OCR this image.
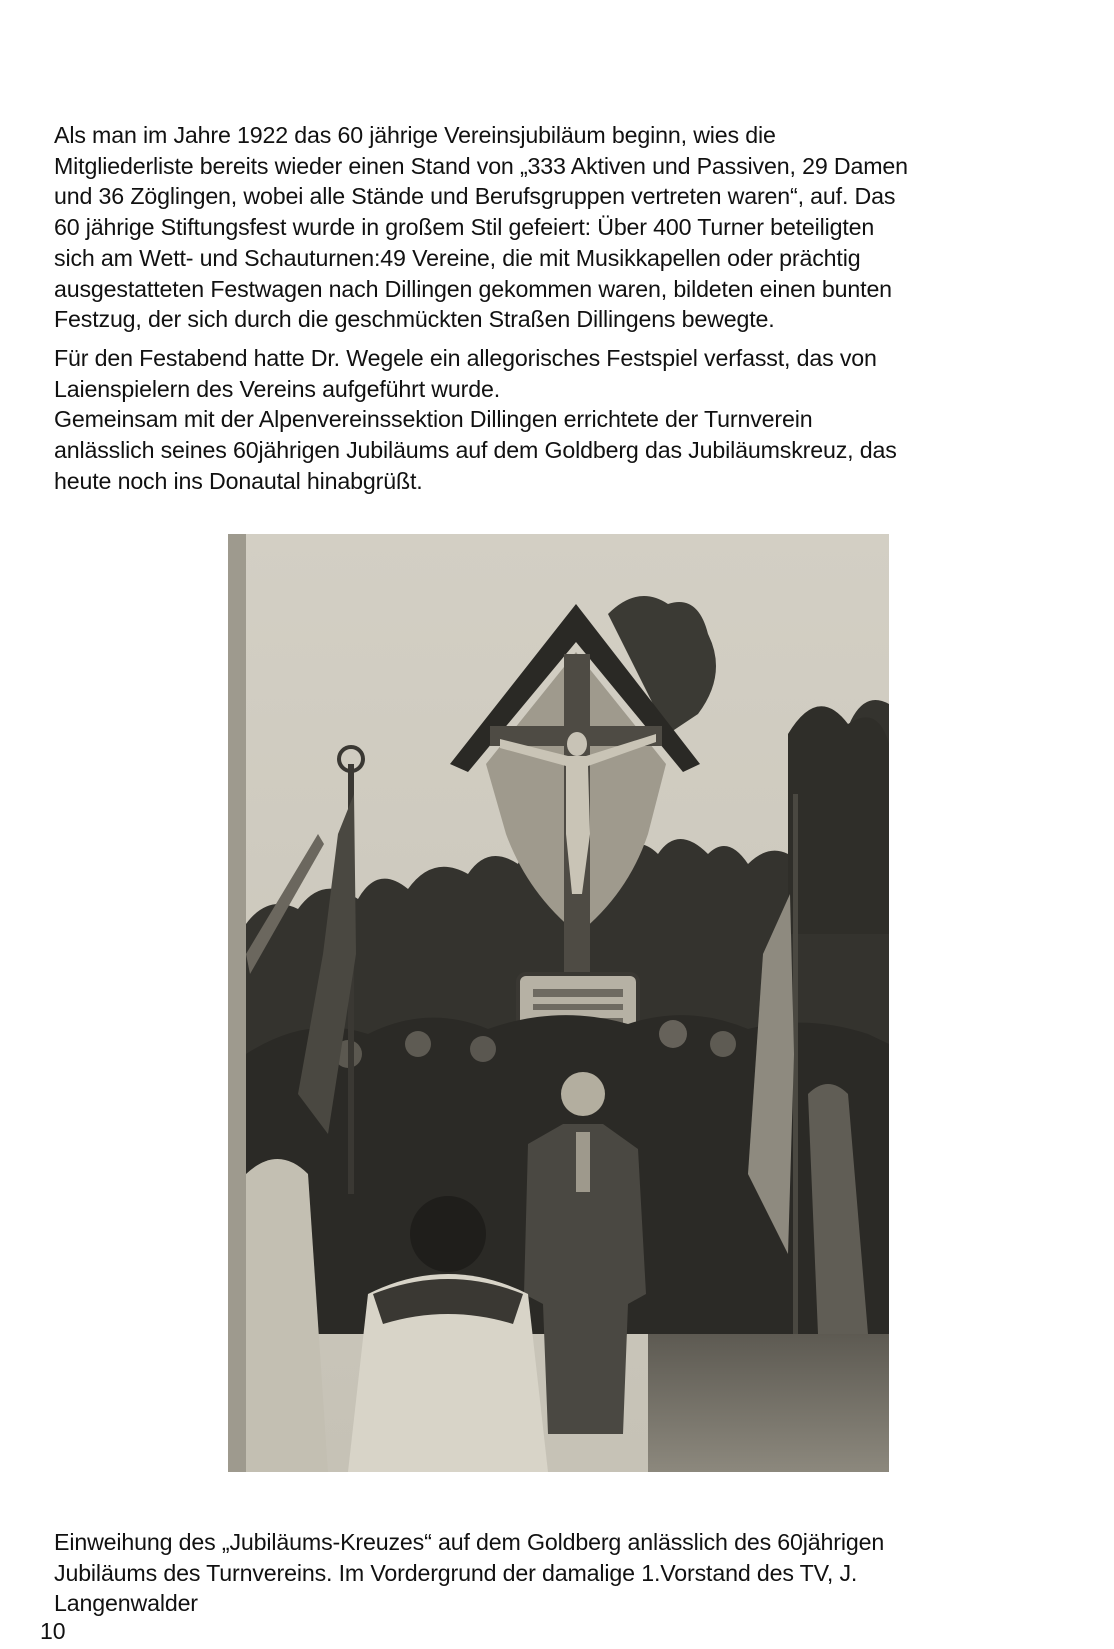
Als man im Jahre 1922 das 60 jährige Vereinsjubiläum beginn, wies die
Mitgliederliste bereits wieder einen Stand von „333 Aktiven und Passiven, 29 Damen
und 36 Zöglingen, wobei alle Stände und Berufsgruppen vertreten waren“, auf. Das
60 jährige Stiftungsfest wurde in großem Stil gefeiert: Über 400 Turner beteiligten
sich am Wett- und Schauturnen:49 Vereine, die mit Musikkapellen oder prächtig
ausgestatteten Festwagen nach Dillingen gekommen waren, bildeten einen bunten
Festzug, der sich durch die geschmückten Straßen Dillingens bewegte.

Für den Festabend hatte Dr. Wegele ein allegorisches Festspiel verfasst, das von
Laienspielern des Vereins aufgeführt wurde.
Gemeinsam mit der Alpenvereinssektion Dillingen errichtete der Turnverein
anlässlich seines 60jährigen Jubiläums auf dem Goldberg das Jubiläumskreuz, das
heute noch ins Donautal hinabgrüßt.

Einweihung des „Jubiläums-Kreuzes“ auf dem Goldberg anlässlich des 60jährigen
Jubiläums des Turnvereins. Im Vordergrund der damalige 1.Vorstand des TV, J.
Langenwalder
10
